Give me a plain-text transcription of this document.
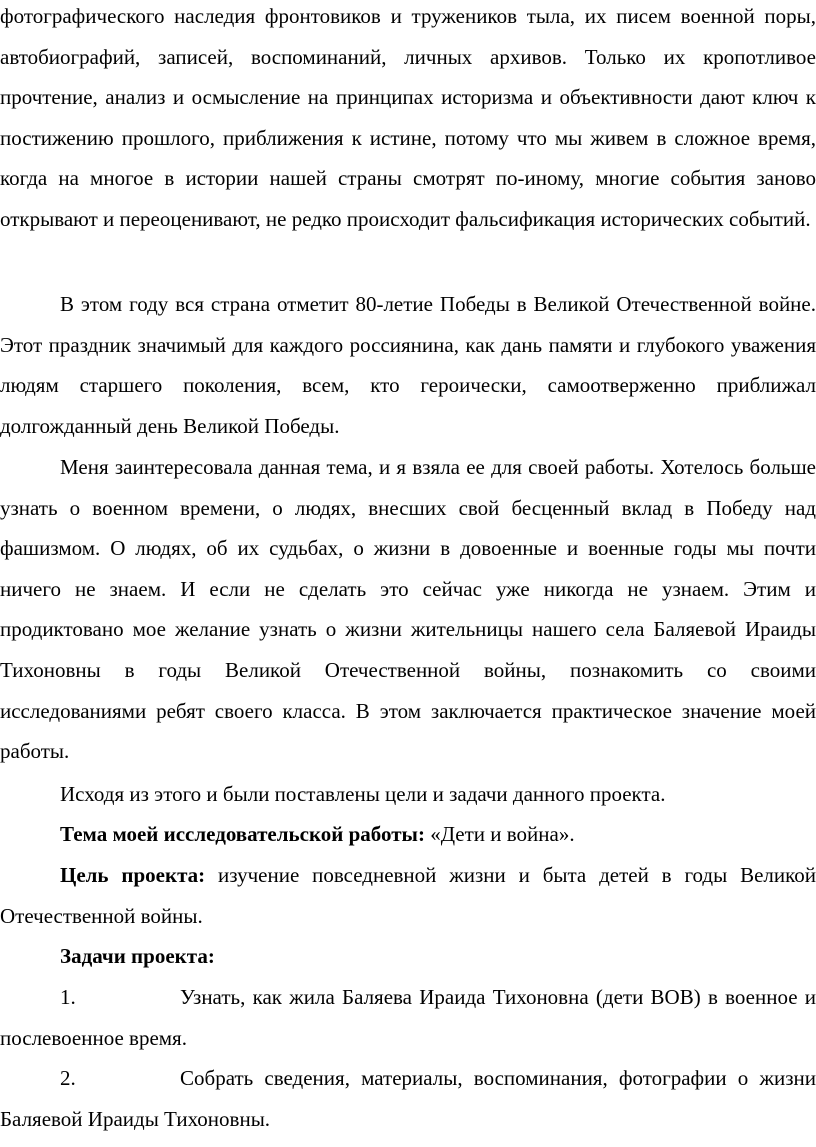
фотографического наследия фронтовиков и тружеников тыла, их писем военной поры, автобиографий, записей, воспоминаний, личных архивов. Только их кропотливое прочтение, анализ и осмысление на принципах историзма и объективности дают ключ к постижению прошлого, приближения к истине, потому что мы живем в сложное время, когда на многое в истории нашей страны смотрят по-иному, многие события заново открывают и переоценивают, не редко происходит фальсификация исторических событий.

В этом году вся страна отметит 80-летие Победы в Великой Отечественной войне. Этот праздник значимый для каждого россиянина, как дань памяти и глубокого уважения людям старшего поколения, всем, кто героически, самоотверженно приближал долгожданный день Великой Победы.

Меня заинтересовала данная тема, и я взяла ее для своей работы. Хотелось больше узнать о военном времени, о людях, внесших свой бесценный вклад в Победу над фашизмом. О людях, об их судьбах, о жизни в довоенные и военные годы мы почти ничего не знаем. И если не сделать это сейчас уже никогда не узнаем. Этим и продиктовано мое желание узнать о жизни жительницы нашего села Баляевой Ираиды Тихоновны в годы Великой Отечественной войны, познакомить со своими исследованиями ребят своего класса. В этом заключается практическое значение моей работы.

Исходя из этого и были поставлены цели и задачи данного проекта.

Тема моей исследовательской работы: «Дети и война».

Цель проекта: изучение повседневной жизни и быта детей в годы Великой Отечественной войны.

Задачи проекта:

1.	Узнать, как жила Баляева Ираида Тихоновна (дети ВОВ) в военное и послевоенное время.

2.	Собрать сведения, материалы, воспоминания, фотографии о жизни Баляевой Ираиды Тихоновны.
